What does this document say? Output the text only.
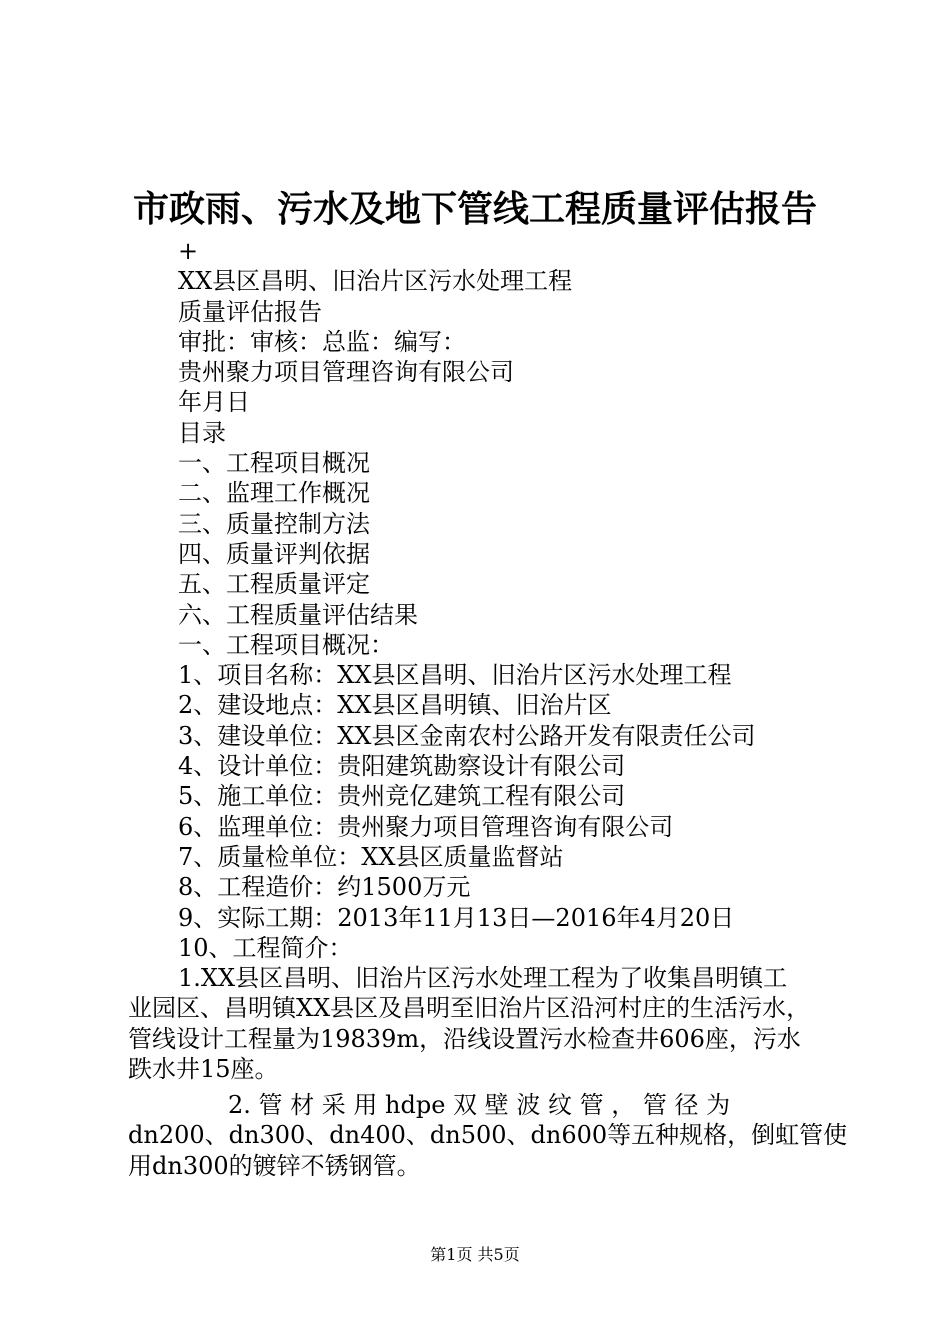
市政雨、污水及地下管线工程质量评估报告
+
XX县区昌明、旧治片区污水处理工程
质量评估报告
审批：审核：总监：编写：
贵州聚力项目管理咨询有限公司
年月日
目录
一、工程项目概况
二、监理工作概况
三、质量控制方法
四、质量评判依据
五、工程质量评定
六、工程质量评估结果
一、工程项目概况：
1、项目名称：XX县区昌明、旧治片区污水处理工程
2、建设地点：XX县区昌明镇、旧治片区
3、建设单位：XX县区金南农村公路开发有限责任公司
4、设计单位：贵阳建筑勘察设计有限公司
5、施工单位：贵州竞亿建筑工程有限公司
6、监理单位：贵州聚力项目管理咨询有限公司
7、质量检单位：XX县区质量监督站
8、工程造价：约1500万元
9、实际工期：2013年11月13日—2016年4月20日
10、工程简介：
1.XX县区昌明、旧治片区污水处理工程为了收集昌明镇工
业园区、昌明镇XX县区及昌明至旧治片区沿河村庄的生活污水，
管线设计工程量为19839m，沿线设置污水检查井606座，污水
跌水井15座。
2. 管 材 采 用 hdpe 双 壁 波 纹 管 ， 管 径 为
dn200、dn300、dn400、dn500、dn600等五种规格，倒虹管使
用dn300的镀锌不锈钢管。
第1页 共5页
